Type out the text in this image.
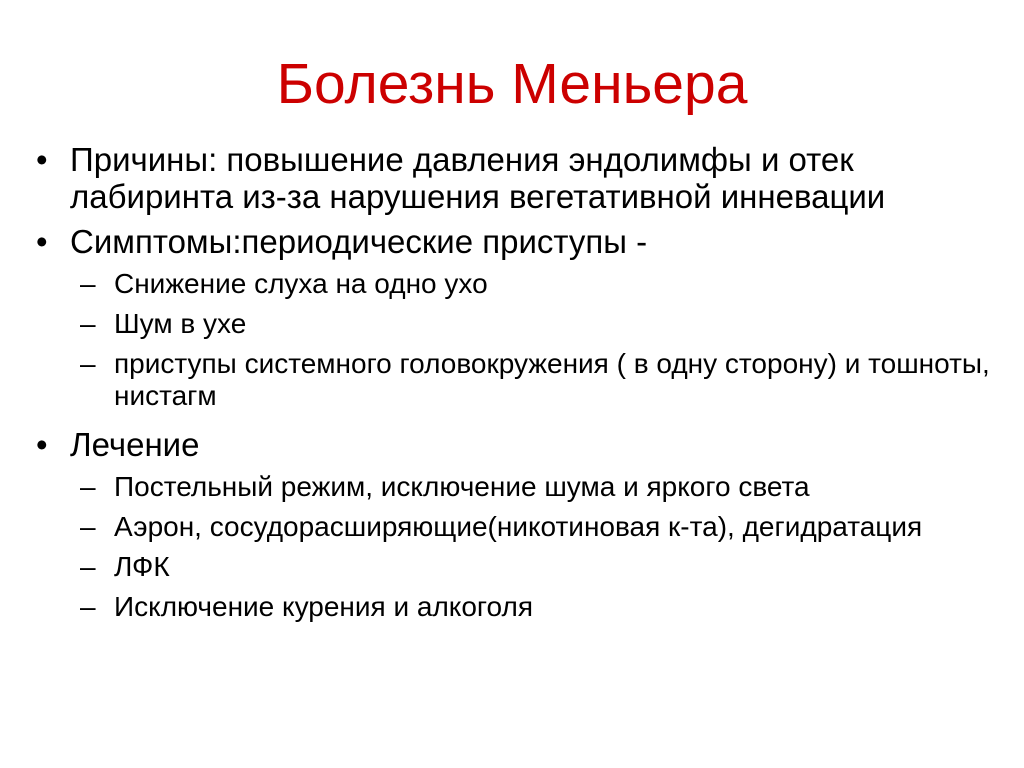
Болезнь Меньера
• Причины: повышение давления эндолимфы и отек лабиринта из-за нарушения вегетативной инневации
• Симптомы:периодические приступы -
– Снижение слуха на одно ухо
– Шум в ухе
– приступы системного головокружения ( в одну сторону) и тошноты, нистагм
• Лечение
– Постельный режим, исключение шума и яркого света
– Аэрон, сосудорасширяющие(никотиновая к-та), дегидратация
– ЛФК
– Исключение курения и алкоголя
